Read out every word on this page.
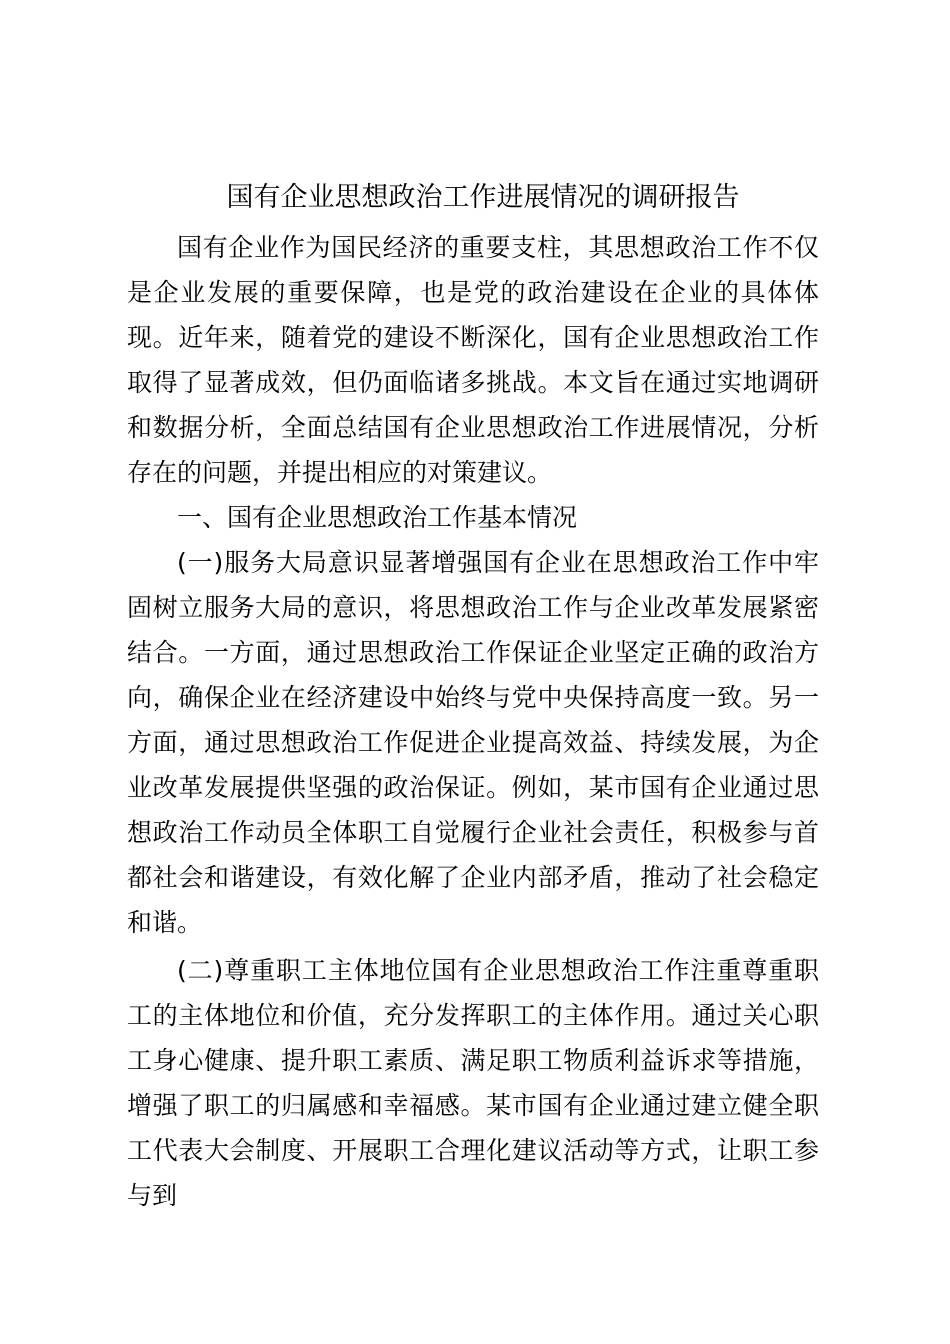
国有企业思想政治工作进展情况的调研报告

国有企业作为国民经济的重要支柱，其思想政治工作不仅是企业发展的重要保障，也是党的政治建设在企业的具体体现。近年来，随着党的建设不断深化，国有企业思想政治工作取得了显著成效，但仍面临诸多挑战。本文旨在通过实地调研和数据分析，全面总结国有企业思想政治工作进展情况，分析存在的问题，并提出相应的对策建议。

一、国有企业思想政治工作基本情况

(一)服务大局意识显著增强国有企业在思想政治工作中牢固树立服务大局的意识，将思想政治工作与企业改革发展紧密结合。一方面，通过思想政治工作保证企业坚定正确的政治方向，确保企业在经济建设中始终与党中央保持高度一致。另一方面，通过思想政治工作促进企业提高效益、持续发展，为企业改革发展提供坚强的政治保证。例如，某市国有企业通过思想政治工作动员全体职工自觉履行企业社会责任，积极参与首都社会和谐建设，有效化解了企业内部矛盾，推动了社会稳定和谐。

(二)尊重职工主体地位国有企业思想政治工作注重尊重职工的主体地位和价值，充分发挥职工的主体作用。通过关心职工身心健康、提升职工素质、满足职工物质利益诉求等措施，增强了职工的归属感和幸福感。某市国有企业通过建立健全职工代表大会制度、开展职工合理化建议活动等方式，让职工参与到
